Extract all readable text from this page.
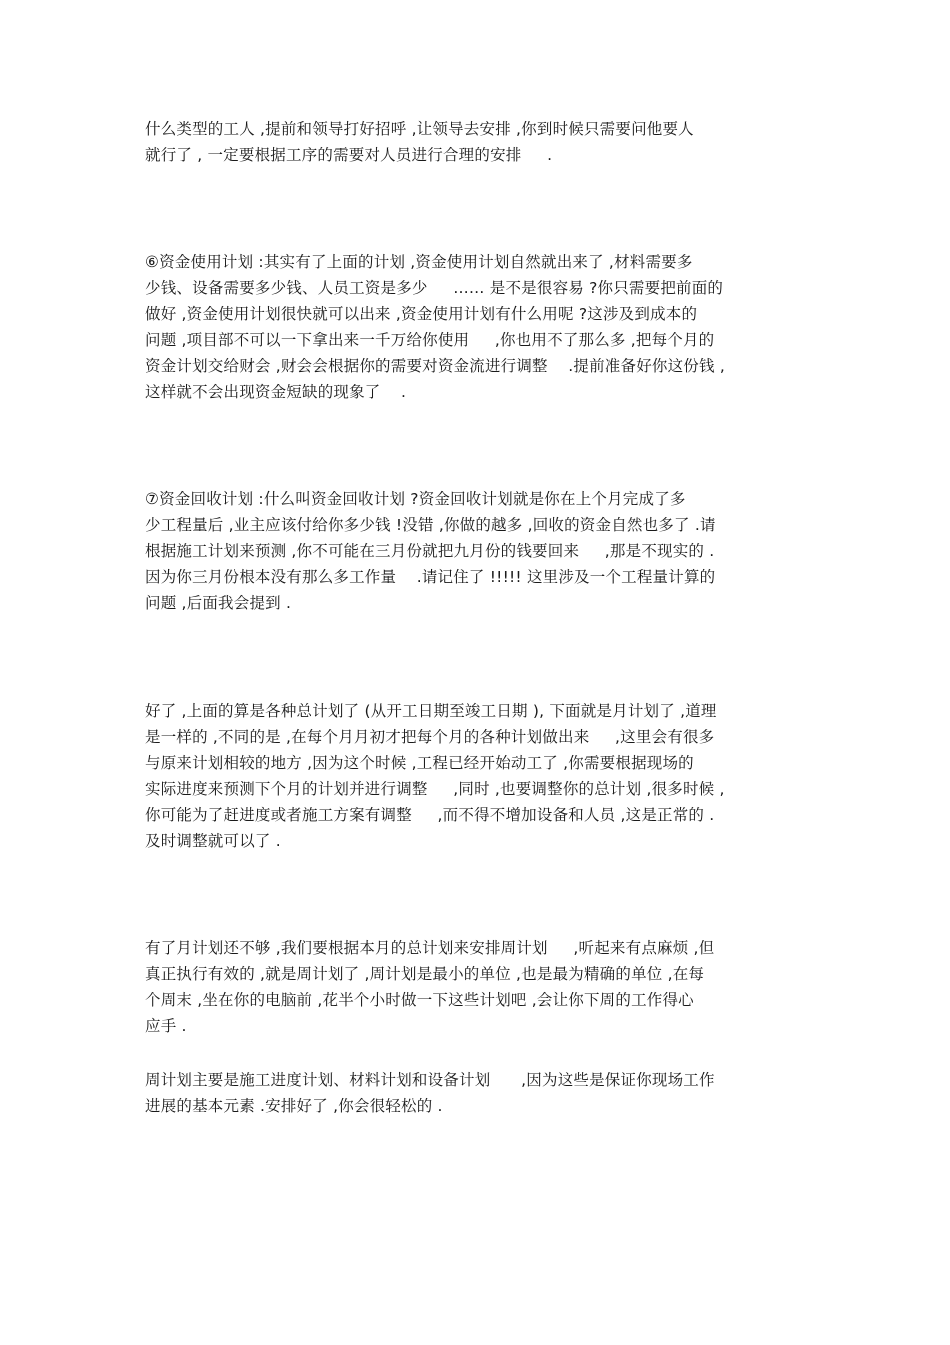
什么类型的工人 ,提前和领导打好招呼 ,让领导去安排 ,你到时候只需要问他要人
就行了 , 一定要根据工序的需要对人员进行合理的安排     .
⑥资金使用计划 :其实有了上面的计划 ,资金使用计划自然就出来了 ,材料需要多
少钱、设备需要多少钱、人员工资是多少     …… 是不是很容易 ?你只需要把前面的
做好 ,资金使用计划很快就可以出来 ,资金使用计划有什么用呢 ?这涉及到成本的
问题 ,项目部不可以一下拿出来一千万给你使用     ,你也用不了那么多 ,把每个月的
资金计划交给财会 ,财会会根据你的需要对资金流进行调整    .提前准备好你这份钱 ,
这样就不会出现资金短缺的现象了    .
⑦资金回收计划 :什么叫资金回收计划 ?资金回收计划就是你在上个月完成了多
少工程量后 ,业主应该付给你多少钱 !没错 ,你做的越多 ,回收的资金自然也多了 .请
根据施工计划来预测 ,你不可能在三月份就把九月份的钱要回来     ,那是不现实的 .
因为你三月份根本没有那么多工作量    .请记住了 !!!!! 这里涉及一个工程量计算的
问题 ,后面我会提到 .
好了 ,上面的算是各种总计划了 (从开工日期至竣工日期 ), 下面就是月计划了 ,道理
是一样的 ,不同的是 ,在每个月月初才把每个月的各种计划做出来     ,这里会有很多
与原来计划相较的地方 ,因为这个时候 ,工程已经开始动工了 ,你需要根据现场的
实际进度来预测下个月的计划并进行调整     ,同时 ,也要调整你的总计划 ,很多时候 ,
你可能为了赶进度或者施工方案有调整     ,而不得不增加设备和人员 ,这是正常的 .
及时调整就可以了 .
有了月计划还不够 ,我们要根据本月的总计划来安排周计划     ,听起来有点麻烦 ,但
真正执行有效的 ,就是周计划了 ,周计划是最小的单位 ,也是最为精确的单位 ,在每
个周末 ,坐在你的电脑前 ,花半个小时做一下这些计划吧 ,会让你下周的工作得心
应手 .
周计划主要是施工进度计划、材料计划和设备计划      ,因为这些是保证你现场工作
进展的基本元素 .安排好了 ,你会很轻松的 .
